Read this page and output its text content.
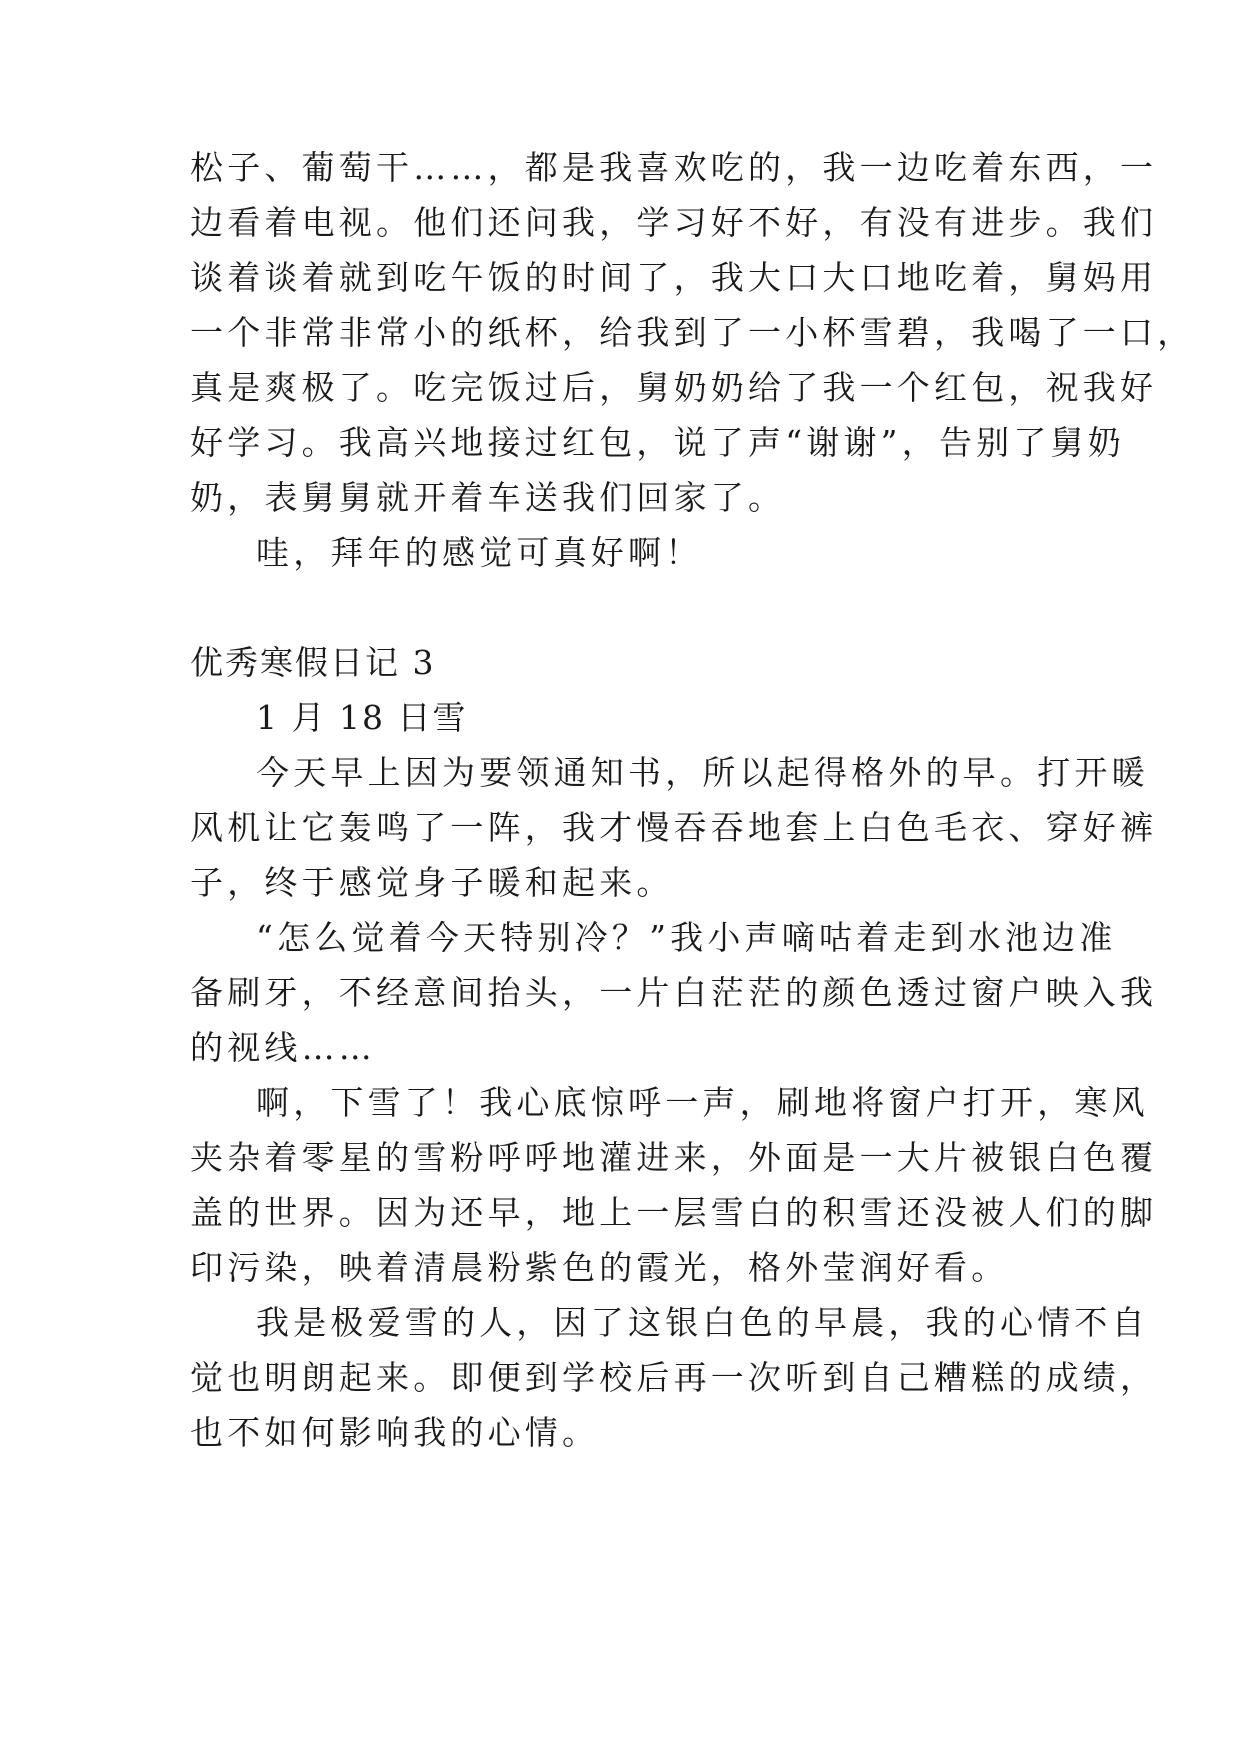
松子、葡萄干……，都是我喜欢吃的，我一边吃着东西，一
边看着电视。他们还问我，学习好不好，有没有进步。我们
谈着谈着就到吃午饭的时间了，我大口大口地吃着，舅妈用
一个非常非常小的纸杯，给我到了一小杯雪碧，我喝了一口，
真是爽极了。吃完饭过后，舅奶奶给了我一个红包，祝我好
好学习。我高兴地接过红包，说了声“谢谢”，告别了舅奶
奶，表舅舅就开着车送我们回家了。
哇，拜年的感觉可真好啊！
优秀寒假日记 3
1 月 18 日雪
今天早上因为要领通知书，所以起得格外的早。打开暖
风机让它轰鸣了一阵，我才慢吞吞地套上白色毛衣、穿好裤
子，终于感觉身子暖和起来。
“怎么觉着今天特别冷？”我小声嘀咕着走到水池边准
备刷牙，不经意间抬头，一片白茫茫的颜色透过窗户映入我
的视线……
啊，下雪了！我心底惊呼一声，刷地将窗户打开，寒风
夹杂着零星的雪粉呼呼地灌进来，外面是一大片被银白色覆
盖的世界。因为还早，地上一层雪白的积雪还没被人们的脚
印污染，映着清晨粉紫色的霞光，格外莹润好看。
我是极爱雪的人，因了这银白色的早晨，我的心情不自
觉也明朗起来。即便到学校后再一次听到自己糟糕的成绩，
也不如何影响我的心情。
